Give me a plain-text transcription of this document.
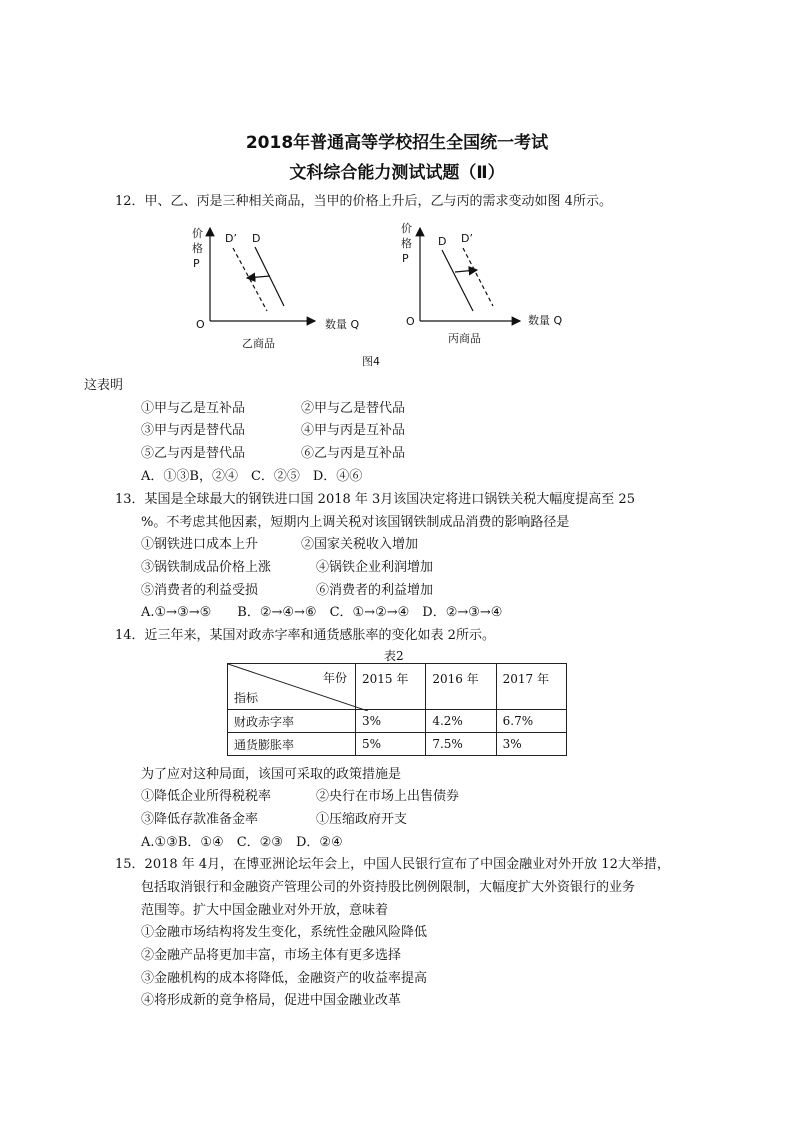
2018年普通高等学校招生全国统一考试
文科综合能力测试试题（Ⅱ）
12．甲、乙、丙是三种相关商品，当甲的价格上升后，乙与丙的需求变动如图 4所示。
价
格
P
O	数量 Q
D’ D
乙商品
价
格
P
O	数量 Q
D D’
丙商品
图4
这表明
①甲与乙是互补品	②甲与乙是替代品
③甲与丙是替代品	④甲与丙是互补品
⑤乙与丙是替代品	⑥乙与丙是互补品
A．①③B，②④　C．②⑤　D．④⑥
13．某国是全球最大的钢铁进口国 2018 年 3月该国决定将进口锅铁关税大幅度提高至 25
%。不考虑其他因素，短期内上调关税对该国钢铁制成品消费的影响路径是
①钢铁进口成本上升	②国家关税收入增加
③锅铁制成品价格上涨	④锅铁企业利润增加
⑤消费者的利益受损	⑥消费者的利益增加
A.①→③→⑤　　B．②→④→⑥　C．①→②→④　D．②→③→④
14．近三年来，某国对政赤字率和通货感胀率的变化如表 2所示。
表2
年份
指标	2015 年	2016 年	2017 年
财政赤字率	3%	4.2%	6.7%
通货膨胀率	5%	7.5%	3%
为了应对这种局面，该国可采取的政策措施是
①降低企业所得税税率	②央行在市场上出售债券
③降低存款准备金率	①压缩政府开支
A.①③B．①④　C．②③　D．②④
15．2018 年 4月，在博亚洲论坛年会上，中国人民银行宣布了中国金融业对外开放 12大举措，
包括取消银行和金融资产管理公司的外资持股比例例限制，大幅度扩大外资银行的业务
范围等。扩大中国金融业对外开放，意味着
①金融市场结构将发生变化，系统性金融风险降低
②金融产品将更加丰富，市场主体有更多选择
③金融机构的成本将降低，金融资产的收益率提高
④将形成新的竟争格局，促进中国金融业改革
